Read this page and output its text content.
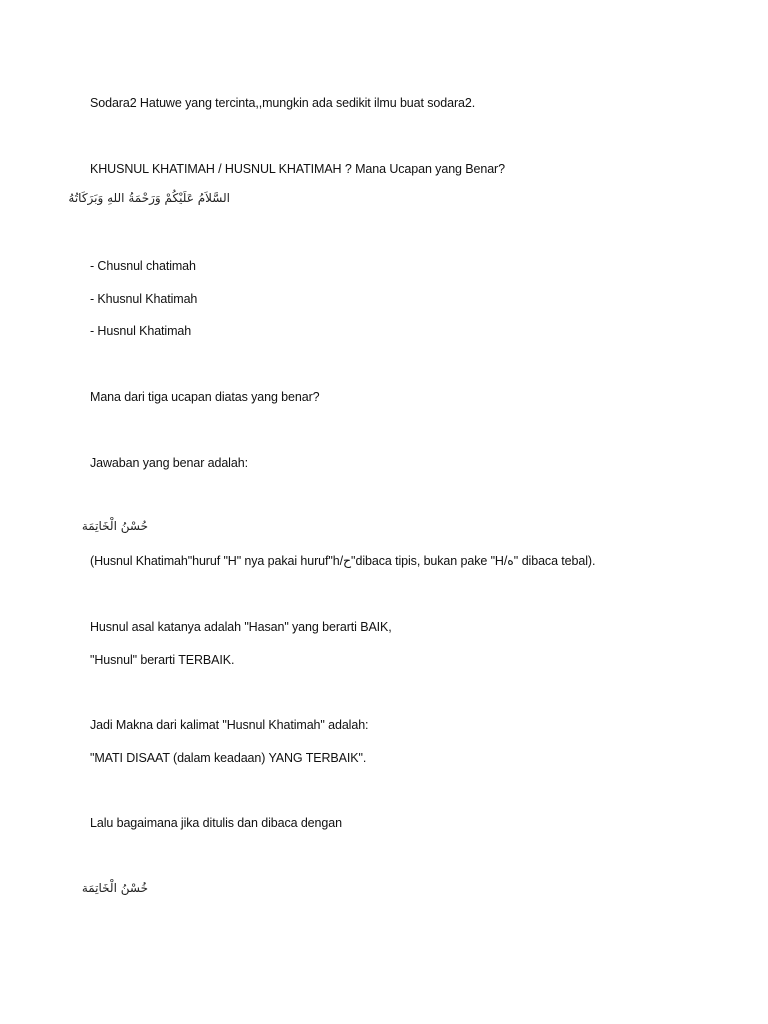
Sodara2 Hatuwe yang tercinta,,mungkin ada sedikit ilmu buat sodara2.
KHUSNUL KHATIMAH / HUSNUL KHATIMAH ? Mana Ucapan yang Benar?
السَّلاَمُ عَلَيْكُمْ وَرَحْمَةُ اللهِ وَبَرَكَاتُهُ
- Chusnul chatimah
- Khusnul Khatimah
- Husnul Khatimah
Mana dari tiga ucapan diatas yang benar?
Jawaban yang benar adalah:
حُسْنُ الْخَاتِمَة
(Husnul Khatimah"huruf "H" nya pakai huruf"h/ح"dibaca tipis, bukan pake "H/ه" dibaca tebal).
Husnul asal katanya adalah "Hasan" yang berarti BAIK,
"Husnul" berarti TERBAIK.
Jadi Makna dari kalimat "Husnul Khatimah" adalah:
"MATI DISAAT (dalam keadaan) YANG TERBAIK".
Lalu bagaimana jika ditulis dan dibaca dengan
خُسْنُ الْخَاتِمَة
